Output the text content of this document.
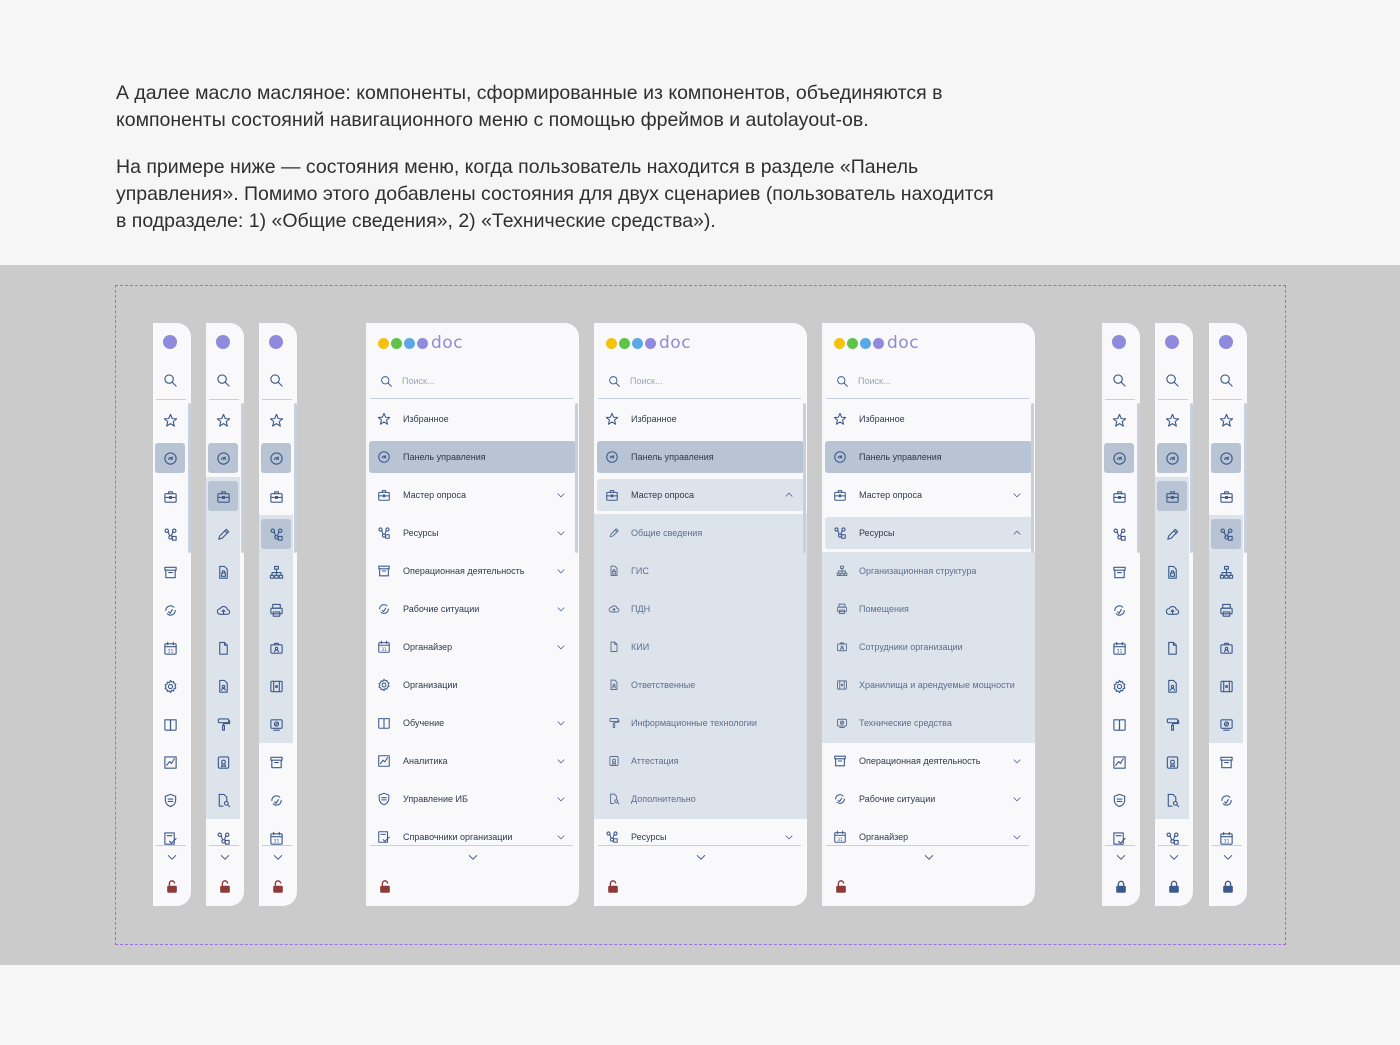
А далее масло масляное: компоненты, сформированные из компонентов, объединяются в компоненты состояний навигационного меню с помощью фреймов и autolayout-ов.

На примере ниже — состояния меню, когда пользователь находится в разделе «Панель управления». Помимо этого добавлены состояния для двух сценариев (пользователь находится в подразделе: 1) «Общие сведения», 2) «Технические средства»).

31
31
doc
Поиск...
Избранное
Панель управления
Мастер опроса
Ресурсы
Операционная деятельность
Рабочие ситуации
31 Органайзер
Организации
Обучение
Аналитика
Управление ИБ
Справочники организации
doc
Поиск...
Избранное
Панель управления
Мастер опроса
Общие сведения
ГИС
ПДН
КИИ
Ответственные
Информационные технологии
Аттестация
Дополнительно
Ресурсы
doc
Поиск...
Избранное
Панель управления
Мастер опроса
Ресурсы
Организационная структура
Помещения
Сотрудники организации
Хранилища и арендуемые мощности
Технические средства
Операционная деятельность
Рабочие ситуации
31 Органайзер
31
31
